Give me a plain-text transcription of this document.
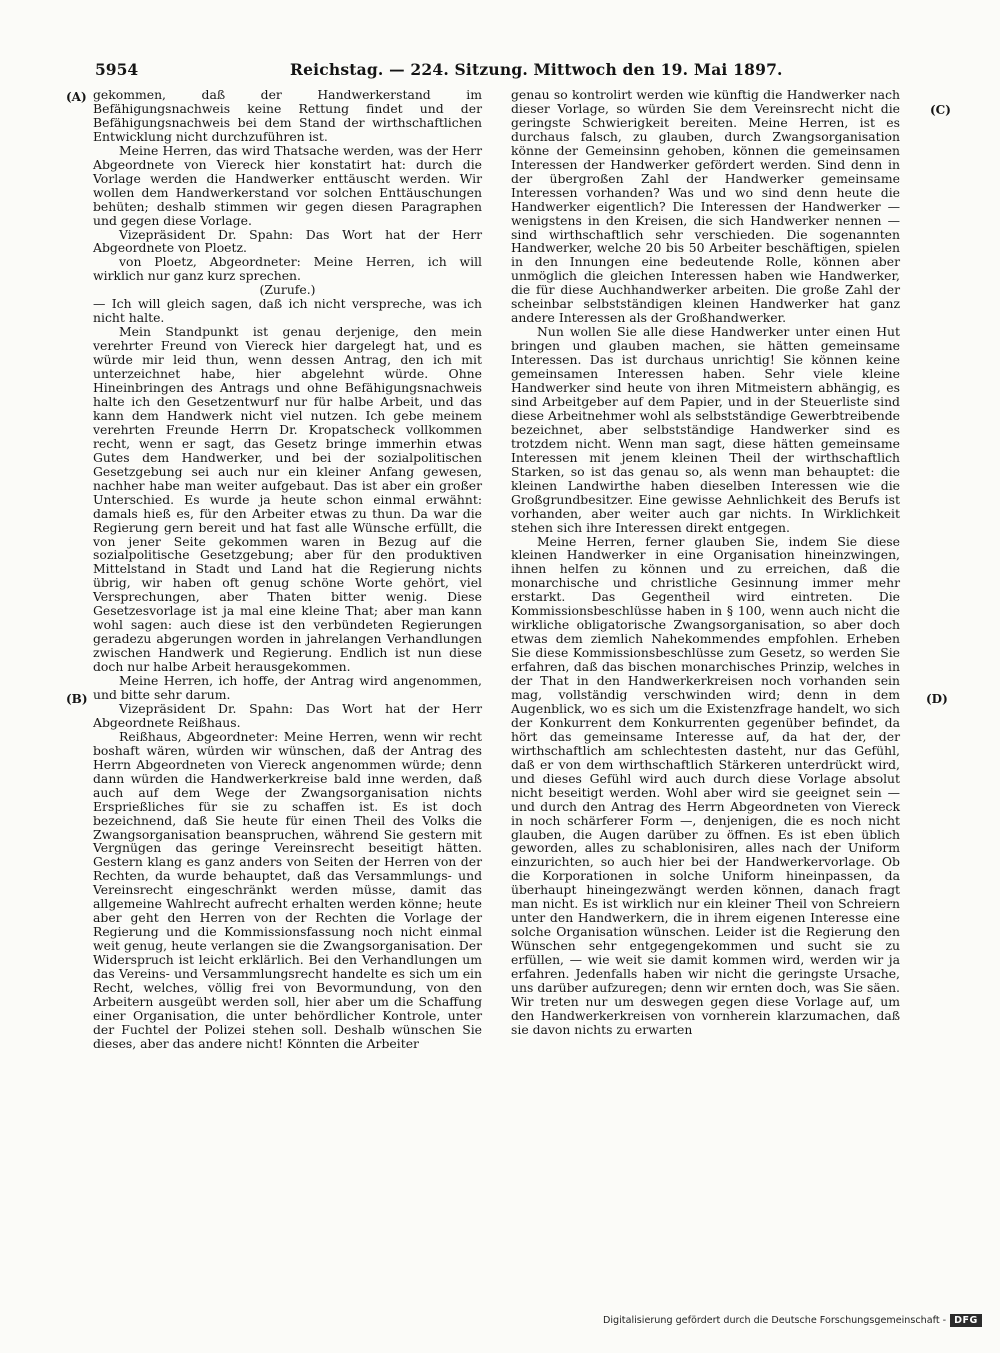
5954	Reichstag. — 224. Sitzung. Mittwoch den 19. Mai 1897.
(A)
(B)
(C)
(D)

gekommen, daß der Handwerkerstand im Befähigungsnachweis keine Rettung findet und der Befähigungsnachweis bei dem Stand der wirthschaftlichen Entwicklung nicht durchzuführen ist.

Meine Herren, das wird Thatsache werden, was der Herr Abgeordnete von Viereck hier konstatirt hat: durch die Vorlage werden die Handwerker enttäuscht werden. Wir wollen dem Handwerkerstand vor solchen Enttäuschungen behüten; deshalb stimmen wir gegen diesen Paragraphen und gegen diese Vorlage.

Vizepräsident Dr. Spahn: Das Wort hat der Herr Abgeordnete von Ploetz.

von Ploetz, Abgeordneter: Meine Herren, ich will wirklich nur ganz kurz sprechen.

(Zurufe.)

— Ich will gleich sagen, daß ich nicht verspreche, was ich nicht halte.

Mein Standpunkt ist genau derjenige, den mein verehrter Freund von Viereck hier dargelegt hat, und es würde mir leid thun, wenn dessen Antrag, den ich mit unterzeichnet habe, hier abgelehnt würde. Ohne Hineinbringen des Antrags und ohne Befähigungsnachweis halte ich den Gesetzentwurf nur für halbe Arbeit, und das kann dem Handwerk nicht viel nutzen. Ich gebe meinem verehrten Freunde Herrn Dr. Kropatscheck vollkommen recht, wenn er sagt, das Gesetz bringe immerhin etwas Gutes dem Handwerker, und bei der sozialpolitischen Gesetzgebung sei auch nur ein kleiner Anfang gewesen, nachher habe man weiter aufgebaut. Das ist aber ein großer Unterschied. Es wurde ja heute schon einmal erwähnt: damals hieß es, für den Arbeiter etwas zu thun. Da war die Regierung gern bereit und hat fast alle Wünsche erfüllt, die von jener Seite gekommen waren in Bezug auf die sozialpolitische Gesetzgebung; aber für den produktiven Mittelstand in Stadt und Land hat die Regierung nichts übrig, wir haben oft genug schöne Worte gehört, viel Versprechungen, aber Thaten bitter wenig. Diese Gesetzesvorlage ist ja mal eine kleine That; aber man kann wohl sagen: auch diese ist den verbündeten Regierungen geradezu abgerungen worden in jahrelangen Verhandlungen zwischen Handwerk und Regierung. Endlich ist nun diese doch nur halbe Arbeit herausgekommen.

Meine Herren, ich hoffe, der Antrag wird angenommen, und bitte sehr darum.

Vizepräsident Dr. Spahn: Das Wort hat der Herr Abgeordnete Reißhaus.

Reißhaus, Abgeordneter: Meine Herren, wenn wir recht boshaft wären, würden wir wünschen, daß der Antrag des Herrn Abgeordneten von Viereck angenommen würde; denn dann würden die Handwerkerkreise bald inne werden, daß auch auf dem Wege der Zwangsorganisation nichts Ersprießliches für sie zu schaffen ist. Es ist doch bezeichnend, daß Sie heute für einen Theil des Volks die Zwangsorganisation beanspruchen, während Sie gestern mit Vergnügen das geringe Vereinsrecht beseitigt hätten. Gestern klang es ganz anders von Seiten der Herren von der Rechten, da wurde behauptet, daß das Versammlungs- und Vereinsrecht eingeschränkt werden müsse, damit das allgemeine Wahlrecht aufrecht erhalten werden könne; heute aber geht den Herren von der Rechten die Vorlage der Regierung und die Kommissionsfassung noch nicht einmal weit genug, heute verlangen sie die Zwangsorganisation. Der Widerspruch ist leicht erklärlich. Bei den Verhandlungen um das Vereins- und Versammlungsrecht handelte es sich um ein Recht, welches, völlig frei von Bevormundung, von den Arbeitern ausgeübt werden soll, hier aber um die Schaffung einer Organisation, die unter behördlicher Kontrole, unter der Fuchtel der Polizei stehen soll. Deshalb wünschen Sie dieses, aber das andere nicht! Könnten die Arbeiter

genau so kontrolirt werden wie künftig die Handwerker nach dieser Vorlage, so würden Sie dem Vereinsrecht nicht die geringste Schwierigkeit bereiten. Meine Herren, ist es durchaus falsch, zu glauben, durch Zwangsorganisation könne der Gemeinsinn gehoben, können die gemeinsamen Interessen der Handwerker gefördert werden. Sind denn in der übergroßen Zahl der Handwerker gemeinsame Interessen vorhanden? Was und wo sind denn heute die Handwerker eigentlich? Die Interessen der Handwerker — wenigstens in den Kreisen, die sich Handwerker nennen — sind wirthschaftlich sehr verschieden. Die sogenannten Handwerker, welche 20 bis 50 Arbeiter beschäftigen, spielen in den Innungen eine bedeutende Rolle, können aber unmöglich die gleichen Interessen haben wie Handwerker, die für diese Auchhandwerker arbeiten. Die große Zahl der scheinbar selbstständigen kleinen Handwerker hat ganz andere Interessen als der Großhandwerker.

Nun wollen Sie alle diese Handwerker unter einen Hut bringen und glauben machen, sie hätten gemeinsame Interessen. Das ist durchaus unrichtig! Sie können keine gemeinsamen Interessen haben. Sehr viele kleine Handwerker sind heute von ihren Mitmeistern abhängig, es sind Arbeitgeber auf dem Papier, und in der Steuerliste sind diese Arbeitnehmer wohl als selbstständige Gewerbtreibende bezeichnet, aber selbstständige Handwerker sind es trotzdem nicht. Wenn man sagt, diese hätten gemeinsame Interessen mit jenem kleinen Theil der wirthschaftlich Starken, so ist das genau so, als wenn man behauptet: die kleinen Landwirthe haben dieselben Interessen wie die Großgrundbesitzer. Eine gewisse Aehnlichkeit des Berufs ist vorhanden, aber weiter auch gar nichts. In Wirklichkeit stehen sich ihre Interessen direkt entgegen.

Meine Herren, ferner glauben Sie, indem Sie diese kleinen Handwerker in eine Organisation hineinzwingen, ihnen helfen zu können und zu erreichen, daß die monarchische und christliche Gesinnung immer mehr erstarkt. Das Gegentheil wird eintreten. Die Kommissionsbeschlüsse haben in § 100, wenn auch nicht die wirkliche obligatorische Zwangsorganisation, so aber doch etwas dem ziemlich Nahekommendes empfohlen. Erheben Sie diese Kommissionsbeschlüsse zum Gesetz, so werden Sie erfahren, daß das bischen monarchisches Prinzip, welches in der That in den Handwerkerkreisen noch vorhanden sein mag, vollständig verschwinden wird; denn in dem Augenblick, wo es sich um die Existenzfrage handelt, wo sich der Konkurrent dem Konkurrenten gegenüber befindet, da hört das gemeinsame Interesse auf, da hat der, der wirthschaftlich am schlechtesten dasteht, nur das Gefühl, daß er von dem wirthschaftlich Stärkeren unterdrückt wird, und dieses Gefühl wird auch durch diese Vorlage absolut nicht beseitigt werden. Wohl aber wird sie geeignet sein — und durch den Antrag des Herrn Abgeordneten von Viereck in noch schärferer Form —, denjenigen, die es noch nicht glauben, die Augen darüber zu öffnen. Es ist eben üblich geworden, alles zu schablonisiren, alles nach der Uniform einzurichten, so auch hier bei der Handwerkervorlage. Ob die Korporationen in solche Uniform hineinpassen, da überhaupt hineingezwängt werden können, danach fragt man nicht. Es ist wirklich nur ein kleiner Theil von Schreiern unter den Handwerkern, die in ihrem eigenen Interesse eine solche Organisation wünschen. Leider ist die Regierung den Wünschen sehr entgegengekommen und sucht sie zu erfüllen, — wie weit sie damit kommen wird, werden wir ja erfahren. Jedenfalls haben wir nicht die geringste Ursache, uns darüber aufzuregen; denn wir ernten doch, was Sie säen. Wir treten nur um deswegen gegen diese Vorlage auf, um den Handwerkerkreisen von vornherein klarzumachen, daß sie davon nichts zu erwarten

Digitalisierung gefördert durch die Deutsche Forschungsgemeinschaft - DFG
